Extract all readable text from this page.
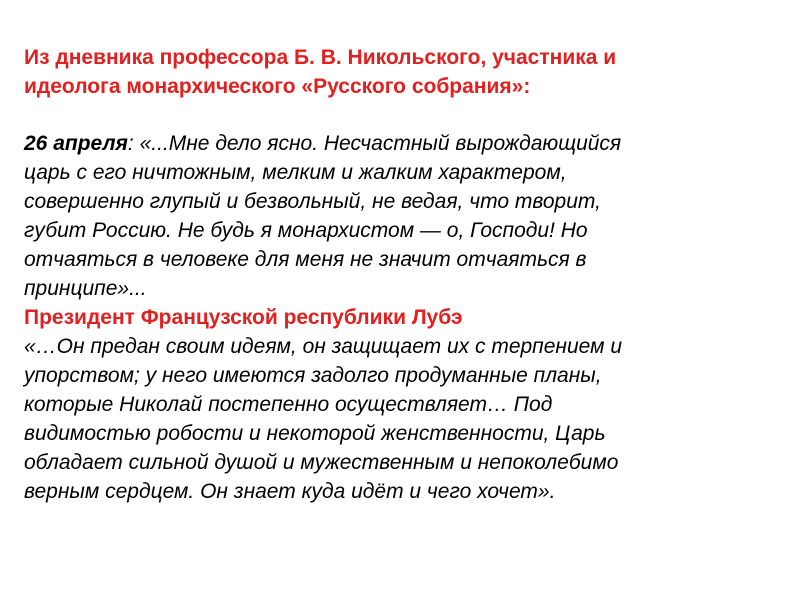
Из дневника профессора Б. В. Никольского, участника и
идеолога монархического «Русского собрания»:
26 апреля: «...Мне дело ясно. Несчастный вырождающийся
царь с его ничтожным, мелким и жалким характером,
совершенно глупый и безвольный, не ведая, что творит,
губит Россию. Не будь я монархистом — о, Господи! Но
отчаяться в человеке для меня не значит отчаяться в
принципе»...
Президент Французской республики Лубэ
«…Он предан своим идеям, он защищает их с терпением и
упорством; у него имеются задолго продуманные планы,
которые Николай постепенно осуществляет… Под
видимостью робости и некоторой женственности, Царь
обладает сильной душой и мужественным и непоколебимо
верным сердцем. Он знает куда идёт и чего хочет».
